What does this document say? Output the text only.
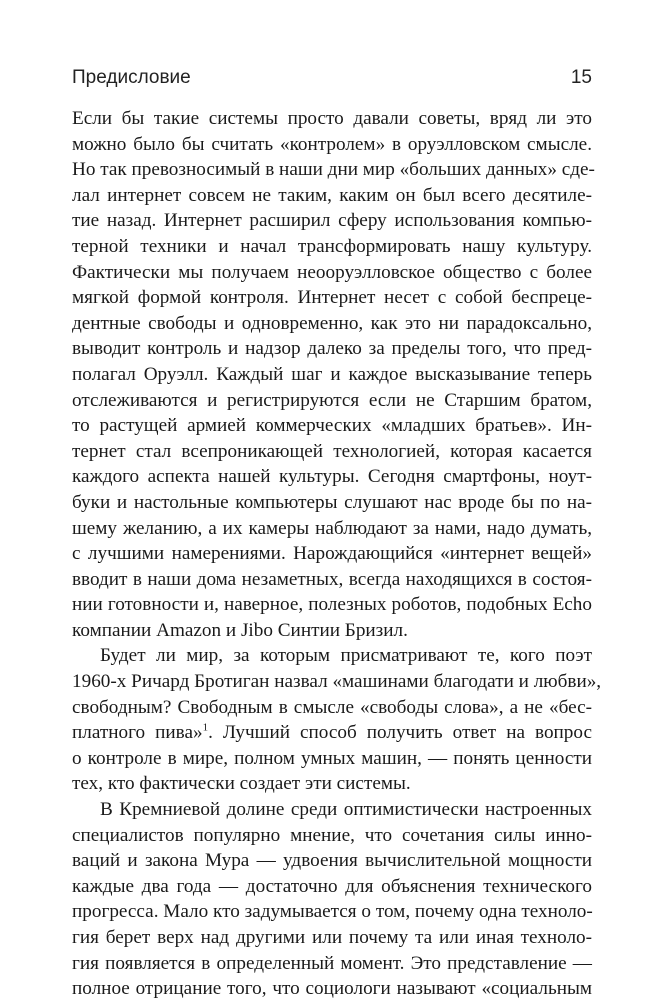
Предисловие	15
Если бы такие системы просто давали советы, вряд ли это
можно было бы считать «контролем» в оруэлловском смысле.
Но так превозносимый в наши дни мир «больших данных» сде-
лал интернет совсем не таким, каким он был всего десятиле-
тие назад. Интернет расширил сферу использования компью-
терной техники и начал трансформировать нашу культуру.
Фактически мы получаем неооруэлловское общество с более
мягкой формой контроля. Интернет несет с собой беспреце-
дентные свободы и одновременно, как это ни парадоксально,
выводит контроль и надзор далеко за пределы того, что пред-
полагал Оруэлл. Каждый шаг и каждое высказывание теперь
отслеживаются и регистрируются если не Старшим братом,
то растущей армией коммерческих «младших братьев». Ин-
тернет стал всепроникающей технологией, которая касается
каждого аспекта нашей культуры. Сегодня смартфоны, ноут-
буки и настольные компьютеры слушают нас вроде бы по на-
шему желанию, а их камеры наблюдают за нами, надо думать,
с лучшими намерениями. Нарождающийся «интернет вещей»
вводит в наши дома незаметных, всегда находящихся в состоя-
нии готовности и, наверное, полезных роботов, подобных Echo
компании Amazon и Jibo Синтии Бризил.
Будет ли мир, за которым присматривают те, кого поэт
1960-х Ричард Бротиган назвал «машинами благодати и любви»,
свободным? Свободным в смысле «свободы слова», а не «бес-
платного пива»$^1$. Лучший способ получить ответ на вопрос
о контроле в мире, полном умных машин, — понять ценности
тех, кто фактически создает эти системы.
В Кремниевой долине среди оптимистически настроенных
специалистов популярно мнение, что сочетания силы инно-
ваций и закона Мура — удвоения вычислительной мощности
каждые два года — достаточно для объяснения технического
прогресса. Мало кто задумывается о том, почему одна техноло-
гия берет верх над другими или почему та или иная техноло-
гия появляется в определенный момент. Это представление —
полное отрицание того, что социологи называют «социальным
